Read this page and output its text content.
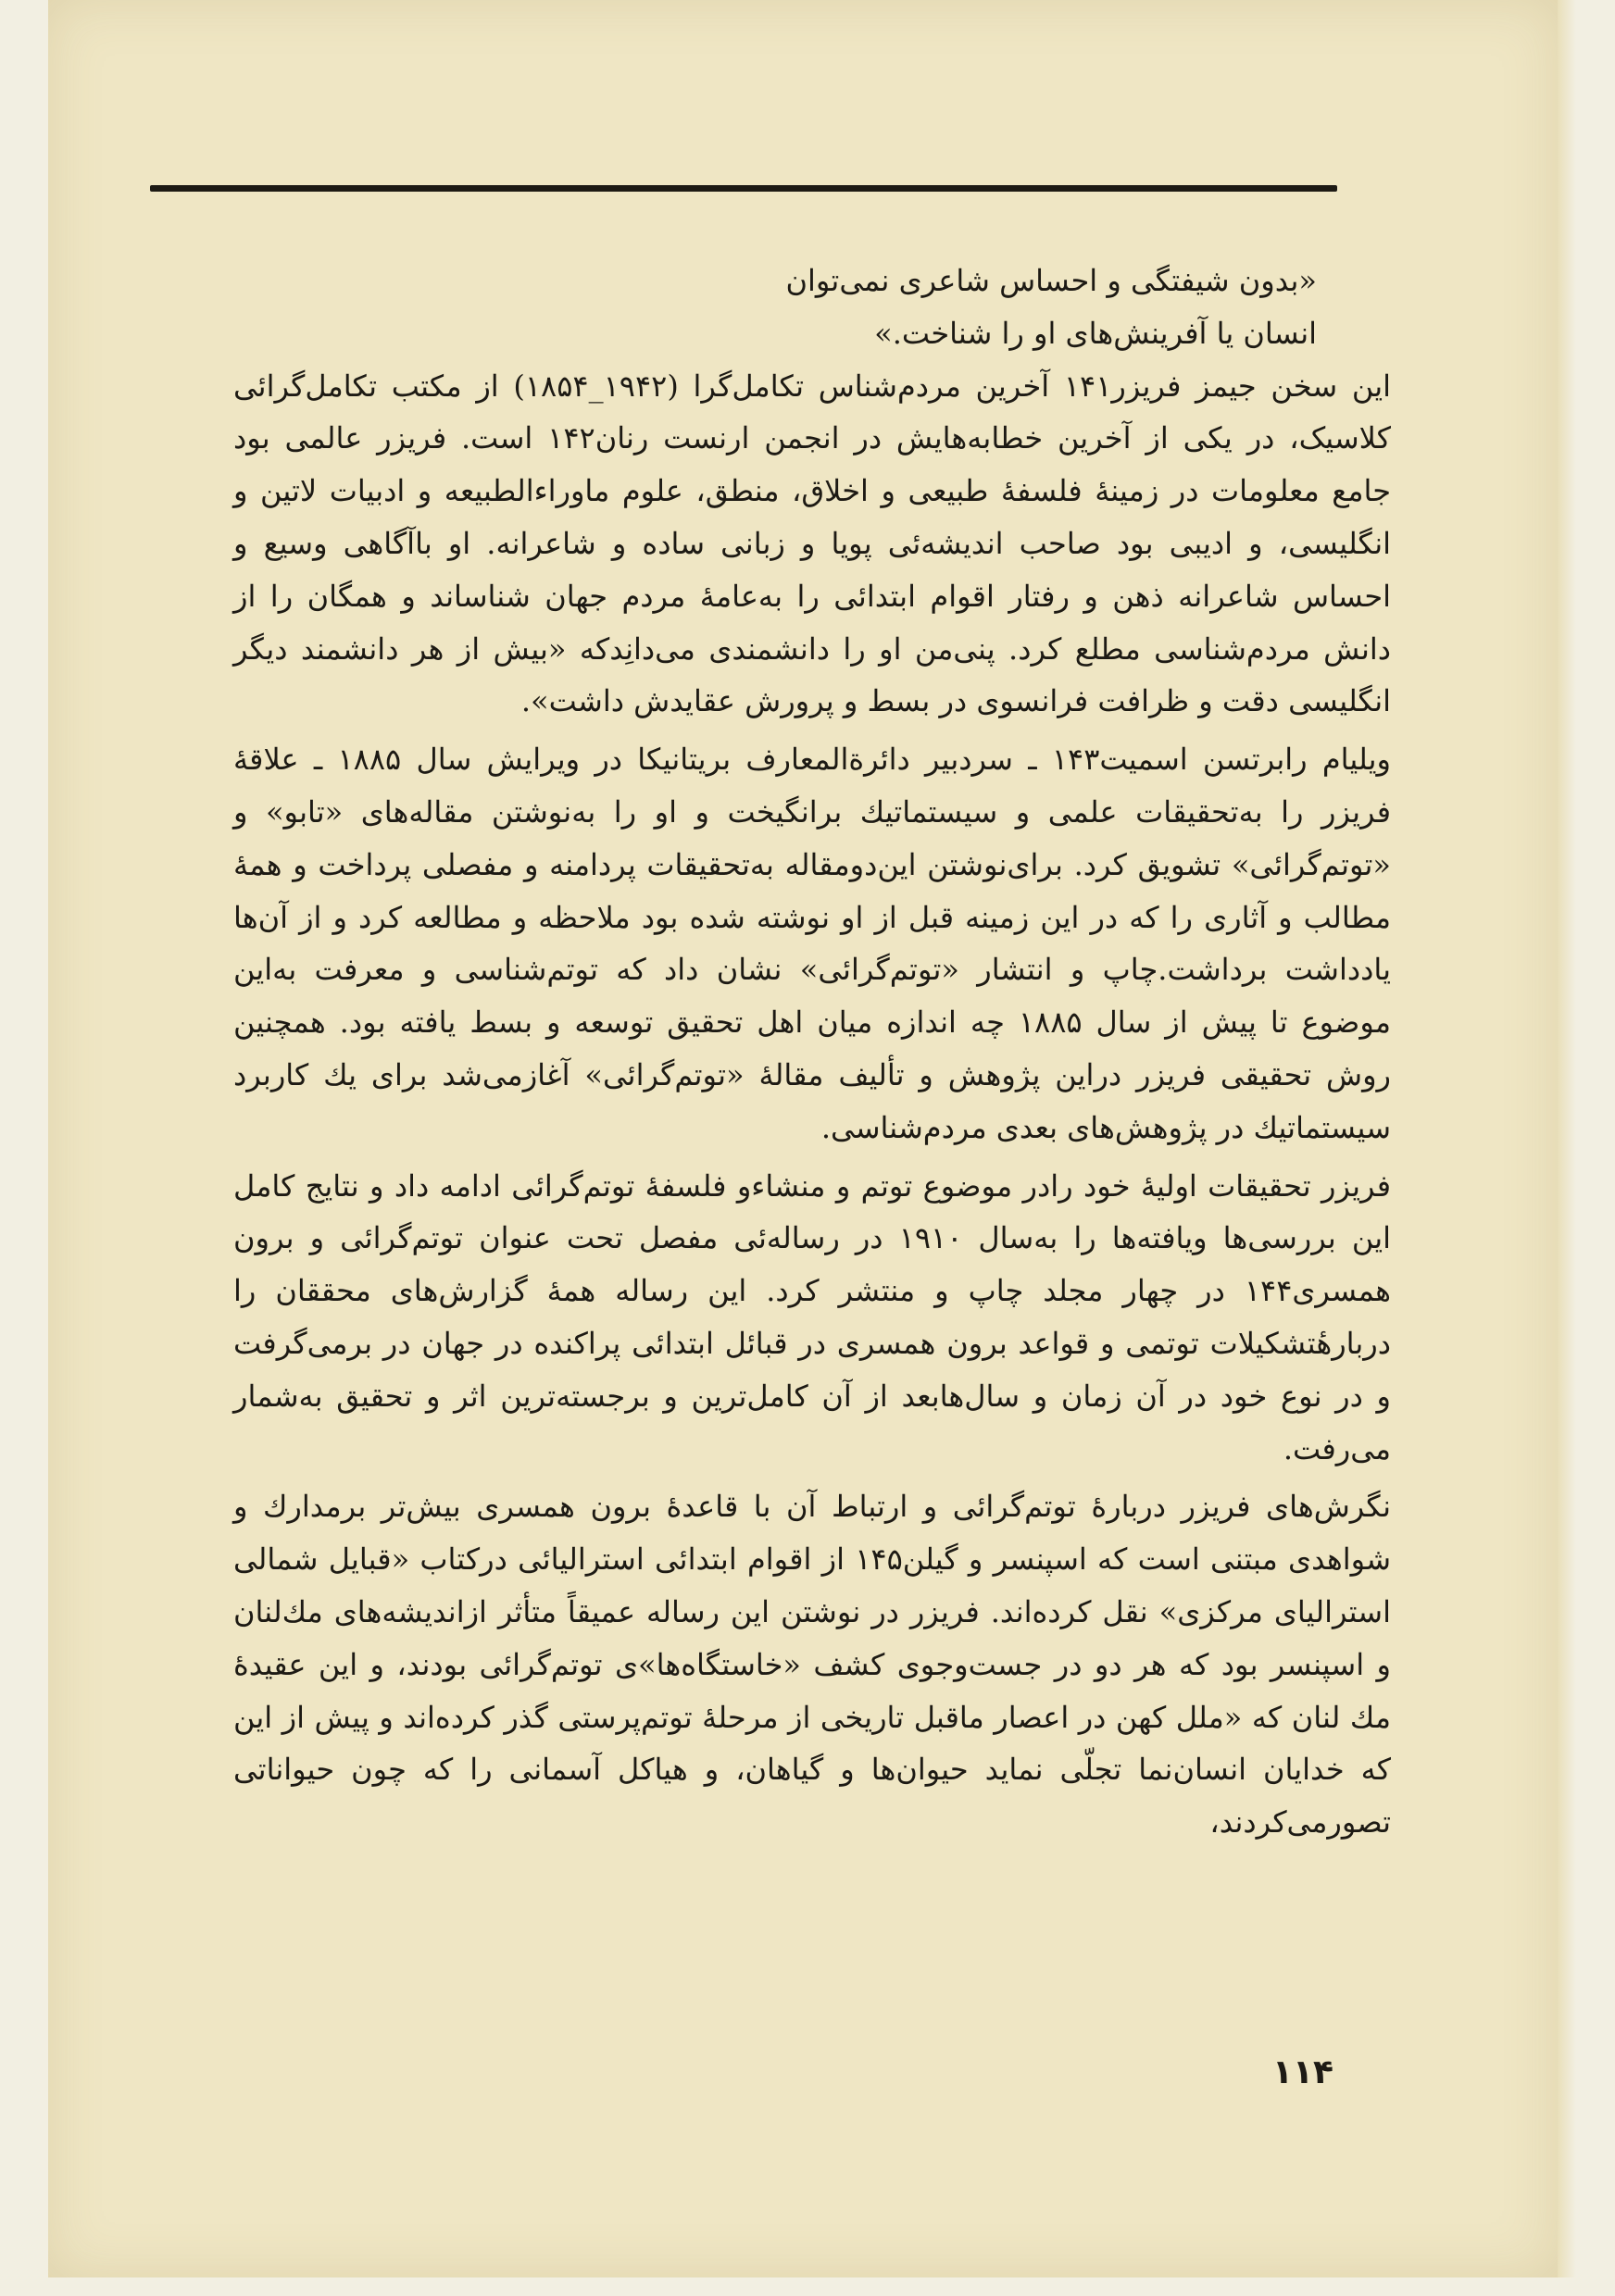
«بدون شیفتگی و احساس شاعری نمی‌توان
انسان یا آفرینش‌های او را شناخت.»

این سخن جیمز فریزر۱۴۱ آخرین مردم‌شناس تکامل‌گرا (۱۹۴۲_۱۸۵۴) از مکتب تکامل‌گرائی کلاسیک، در یکی از آخرین خطابه‌هایش در انجمن ارنست رنان۱۴۲ است. فریزر عالمی بود جامع معلومات در زمینهٔ فلسفهٔ طبیعی و اخلاق، منطق، علوم ماوراءالطبیعه و ادبیات لاتین و انگلیسی، و ادیبی بود صاحب اندیشه‌ئی پویا و زبانی ساده و شاعرانه. او باآگاهی وسیع و احساس شاعرانه ذهن و رفتار اقوام ابتدائی را به‌عامهٔ مردم جهان شناساند و همگان را از دانش مردم‌شناسی مطلع کرد. پنی‌من او را دانشمندی می‌دانِدکه «بیش از هر دانشمند دیگر انگلیسی دقت و ظرافت فرانسوی در بسط و پرورش عقایدش داشت».

ویلیام رابرتسن اسمیت۱۴۳ ـ سردبیر دائرةالمعارف بریتانیکا در ویرایش سال ۱۸۸۵ ـ علاقهٔ فریزر را به‌تحقیقات علمی و سیستماتیك برانگیخت و او را به‌نوشتن مقاله‌های «تابو» و «توتم‌گرائی» تشویق کرد. برای‌نوشتن این‌دومقاله به‌تحقیقات پردامنه و مفصلی پرداخت و همهٔ مطالب و آثاری را که در این زمینه قبل از او نوشته شده بود ملاحظه و مطالعه کرد و از آن‌ها یادداشت برداشت.چاپ و انتشار «توتم‌گرائی» نشان داد که توتم‌شناسی و معرفت به‌این موضوع تا پیش از سال ۱۸۸۵ چه اندازه میان اهل تحقیق توسعه و بسط یافته بود. همچنین روش تحقیقی فریزر دراین پژوهش و تألیف مقالهٔ «توتم‌گرائی» آغازمی‌شد برای یك کاربرد سیستماتیك در پژوهش‌های بعدی مردم‌شناسی.

فریزر تحقیقات اولیهٔ خود رادر موضوع توتم و منشاءو فلسفهٔ توتم‌گرائی ادامه داد و نتایج کامل این بررسی‌ها ویافته‌ها را به‌سال ۱۹۱۰ در رساله‌ئی مفصل تحت عنوان توتم‌گرائی و برون همسری۱۴۴ در چهار مجلد چاپ و منتشر کرد. این رساله همهٔ گزارش‌های محققان را دربارهٔتشکیلات توتمی و قواعد برون همسری در قبائل ابتدائی پراکنده در جهان در برمی‌گرفت و در نوع خود در آن زمان و سال‌هابعد از آن کامل‌ترین و برجسته‌ترین اثر و تحقیق به‌شمار می‌رفت.

نگرش‌های فریزر دربارهٔ توتم‌گرائی و ارتباط آن با قاعدهٔ برون همسری بیش‌تر برمدارك و شواهدی مبتنی است که اسپنسر و گیلن۱۴۵ از اقوام ابتدائی استرالیائی درکتاب «قبایل شمالی استرالیای مرکزی» نقل کرده‌اند. فریزر در نوشتن این رساله عمیقاً متأثر ازاندیشه‌های مك‌لنان و اسپنسر بود که هر دو در جست‌وجوی کشف «خاستگاه‌ها»ی توتم‌گرائی بودند، و این عقیدهٔ مك لنان که «ملل کهن در اعصار ماقبل تاریخی از مرحلهٔ توتم‌پرستی گذر کرده‌اند و پیش از این که خدایان انسان‌نما تجلّی نماید حیوان‌ها و گیاهان، و هیاکل آسمانی را که چون حیواناتی تصورمی‌کردند،

۱۱۴
